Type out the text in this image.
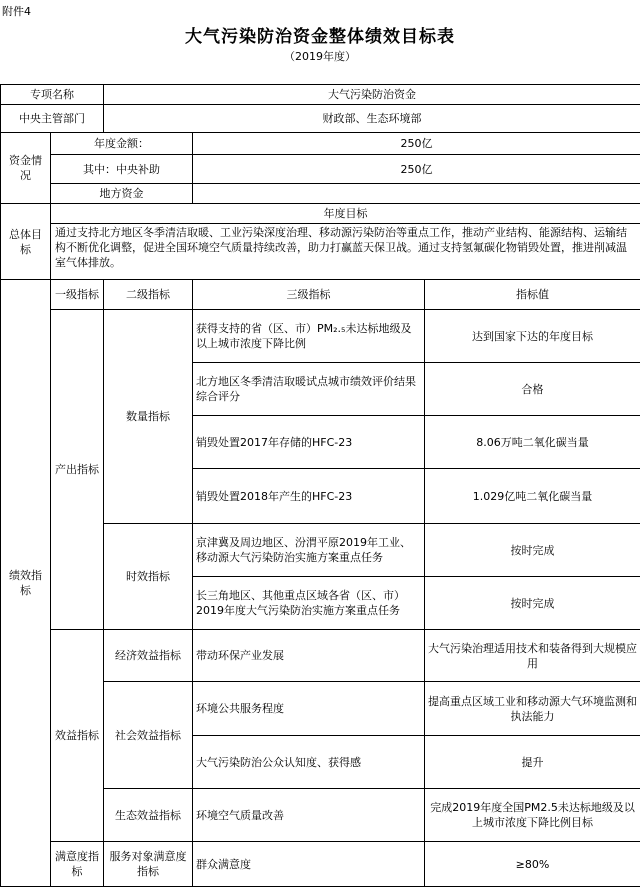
附件4
大气污染防治资金整体绩效目标表
（2019年度）
专项名称		大气污染防治资金		
中央主管部门		财政部、生态环境部		
资金情况	年度金额：		250亿	
	其中：中央补助		250亿	
	地方资金			
总体目标	年度目标			
	通过支持北方地区冬季清洁取暖、工业污染深度治理、移动源污染防治等重点工作，推动产业结构、能源结构、运输结构不断优化调整，促进全国环境空气质量持续改善，助力打赢蓝天保卫战。通过支持氢氟碳化物销毁处置，推进削减温室气体排放。			
绩效指标	一级指标	二级指标	三级指标	指标值
	产出指标	数量指标	获得支持的省（区、市）PM₂.₅未达标地级及以上城市浓度下降比例	达到国家下达的年度目标
			北方地区冬季清洁取暖试点城市绩效评价结果综合评分	合格
			销毁处置2017年存储的HFC-23	8.06万吨二氧化碳当量
			销毁处置2018年产生的HFC-23	1.029亿吨二氧化碳当量
		时效指标	京津冀及周边地区、汾渭平原2019年工业、移动源大气污染防治实施方案重点任务	按时完成
			长三角地区、其他重点区域各省（区、市）2019年度大气污染防治实施方案重点任务	按时完成
	效益指标	经济效益指标	带动环保产业发展	大气污染治理适用技术和装备得到大规模应用
		社会效益指标	环境公共服务程度	提高重点区域工业和移动源大气环境监测和执法能力
			大气污染防治公众认知度、获得感	提升
		生态效益指标	环境空气质量改善	完成2019年度全国PM2.5未达标地级及以上城市浓度下降比例目标
	满意度指标	服务对象满意度指标	群众满意度	≥80%
